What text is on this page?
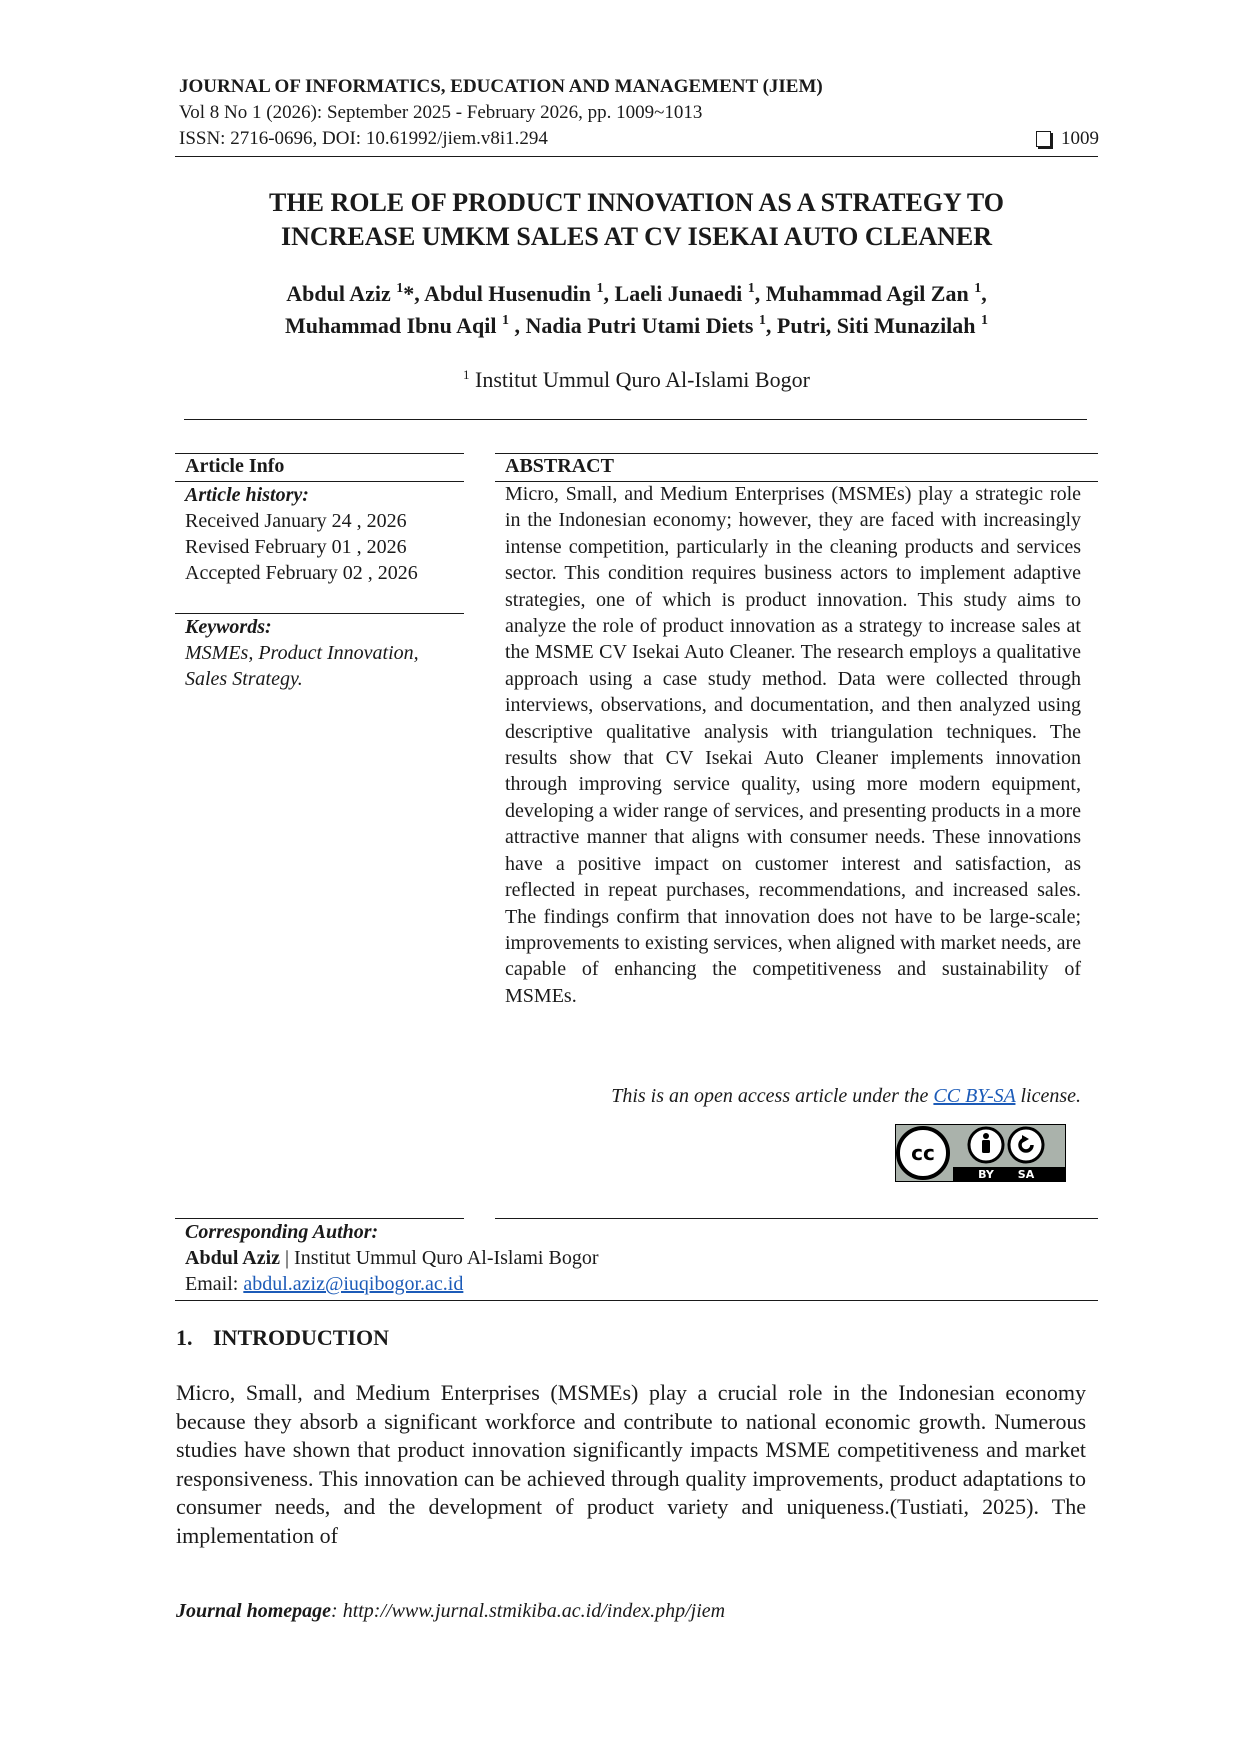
JOURNAL OF INFORMATICS, EDUCATION AND MANAGEMENT (JIEM)
Vol 8 No 1 (2026): September 2025 - February 2026, pp. 1009~1013
ISSN: 2716-0696, DOI: 10.61992/jiem.v8i1.294	1009
THE ROLE OF PRODUCT INNOVATION AS A STRATEGY TO
INCREASE UMKM SALES AT CV ISEKAI AUTO CLEANER
Abdul Aziz $^1$*, Abdul Husenudin $^1$, Laeli Junaedi $^1$, Muhammad Agil Zan $^1$,
Muhammad Ibnu Aqil $^1$ , Nadia Putri Utami Diets $^1$, Putri, Siti Munazilah $^1$
$^1$ Institut Ummul Quro Al-Islami Bogor
Article Info	ABSTRACT
Article history:
Received January 24 , 2026
Revised February 01 , 2026
Accepted February 02 , 2026
Keywords:
MSMEs, Product Innovation,
Sales Strategy.
Micro, Small, and Medium Enterprises (MSMEs) play a strategic role in the Indonesian economy; however, they are faced with increasingly intense competition, particularly in the cleaning products and services sector. This condition requires business actors to implement adaptive strategies, one of which is product innovation. This study aims to analyze the role of product innovation as a strategy to increase sales at the MSME CV Isekai Auto Cleaner. The research employs a qualitative approach using a case study method. Data were collected through interviews, observations, and documentation, and then analyzed using descriptive qualitative analysis with triangulation techniques. The results show that CV Isekai Auto Cleaner implements innovation through improving service quality, using more modern equipment, developing a wider range of services, and presenting products in a more attractive manner that aligns with consumer needs. These innovations have a positive impact on customer interest and satisfaction, as reflected in repeat purchases, recommendations, and increased sales. The findings confirm that innovation does not have to be large-scale; improvements to existing services, when aligned with market needs, are capable of enhancing the competitiveness and sustainability of MSMEs.
This is an open access article under the CC BY-SA license.
cc
BY SA
Corresponding Author:
Abdul Aziz | Institut Ummul Quro Al-Islami Bogor
Email: abdul.aziz@iuqibogor.ac.id
1. INTRODUCTION
Micro, Small, and Medium Enterprises (MSMEs) play a crucial role in the Indonesian economy because they absorb a significant workforce and contribute to national economic growth. Numerous studies have shown that product innovation significantly impacts MSME competitiveness and market responsiveness. This innovation can be achieved through quality improvements, product adaptations to consumer needs, and the development of product variety and uniqueness.(Tustiati, 2025). The implementation of
Journal homepage: http://www.jurnal.stmikiba.ac.id/index.php/jiem
